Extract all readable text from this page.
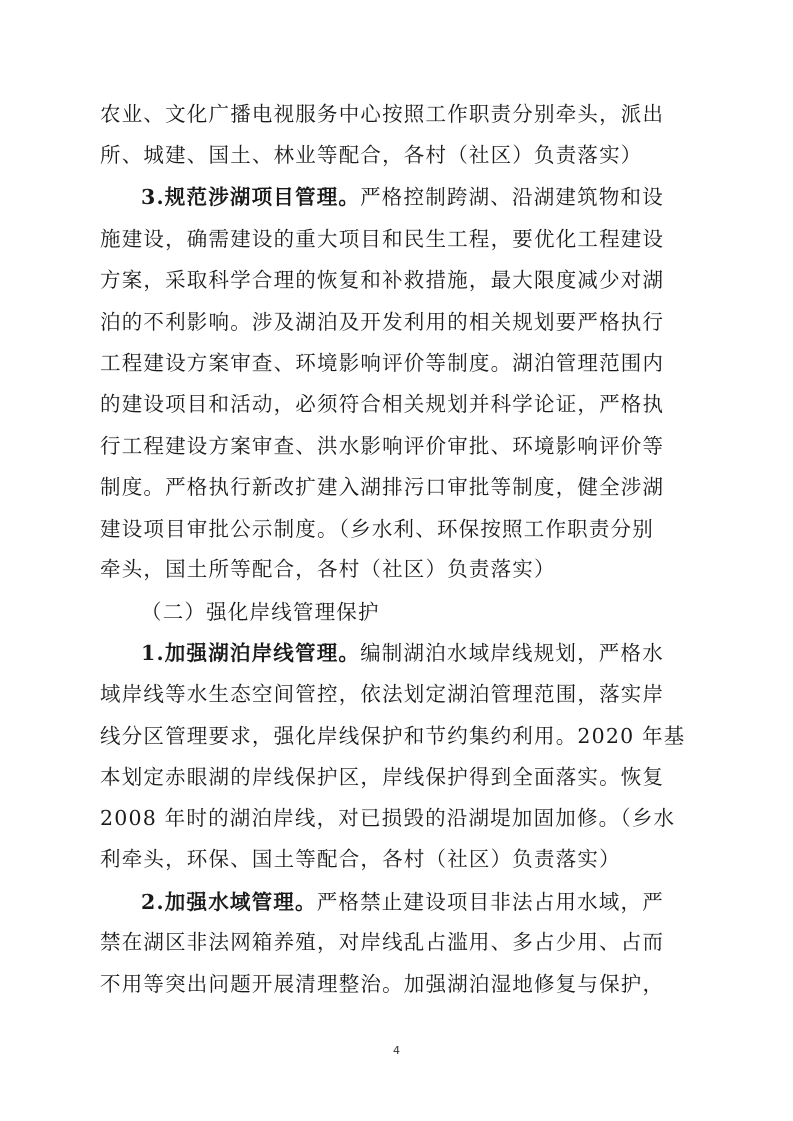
农业、文化广播电视服务中心按照工作职责分别牵头，派出
所、城建、国土、林业等配合，各村（社区）负责落实）
3.规范涉湖项目管理。严格控制跨湖、沿湖建筑物和设
施建设，确需建设的重大项目和民生工程，要优化工程建设
方案，采取科学合理的恢复和补救措施，最大限度减少对湖
泊的不利影响。涉及湖泊及开发利用的相关规划要严格执行
工程建设方案审查、环境影响评价等制度。湖泊管理范围内
的建设项目和活动，必须符合相关规划并科学论证，严格执
行工程建设方案审查、洪水影响评价审批、环境影响评价等
制度。严格执行新改扩建入湖排污口审批等制度，健全涉湖
建设项目审批公示制度。（乡水利、环保按照工作职责分别
牵头，国土所等配合，各村（社区）负责落实）
（二）强化岸线管理保护
1.加强湖泊岸线管理。编制湖泊水域岸线规划，严格水
域岸线等水生态空间管控，依法划定湖泊管理范围，落实岸
线分区管理要求，强化岸线保护和节约集约利用。2020 年基
本划定赤眼湖的岸线保护区，岸线保护得到全面落实。恢复
2008 年时的湖泊岸线，对已损毁的沿湖堤加固加修。（乡水
利牵头，环保、国土等配合，各村（社区）负责落实）
2.加强水域管理。严格禁止建设项目非法占用水域，严
禁在湖区非法网箱养殖，对岸线乱占滥用、多占少用、占而
不用等突出问题开展清理整治。加强湖泊湿地修复与保护，
4
